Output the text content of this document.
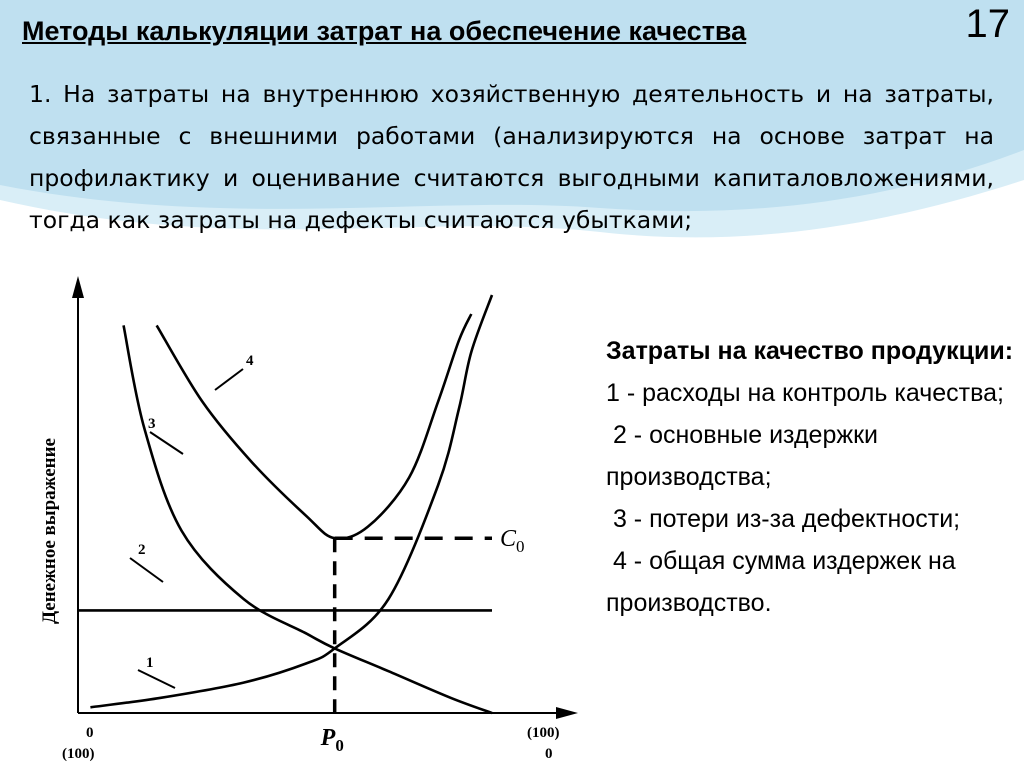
17
Методы калькуляции затрат на обеспечение качества
1. На затраты на внутреннюю хозяйственную деятельность и на затраты, связанные с внешними работами (анализируются на основе затрат на профилактику и оценивание считаются выгодными капиталовложениями, тогда как затраты на дефекты считаются убытками;
1
2
3
4
$C_0$
$P_0$
0
(100)
(100)
0
Денежное выражение
Затраты на качество продукции:
1 - расходы на контроль качества;
2 - основные издержки производства;
3 - потери из-за дефектности;
4 - общая сумма издержек на производство.
